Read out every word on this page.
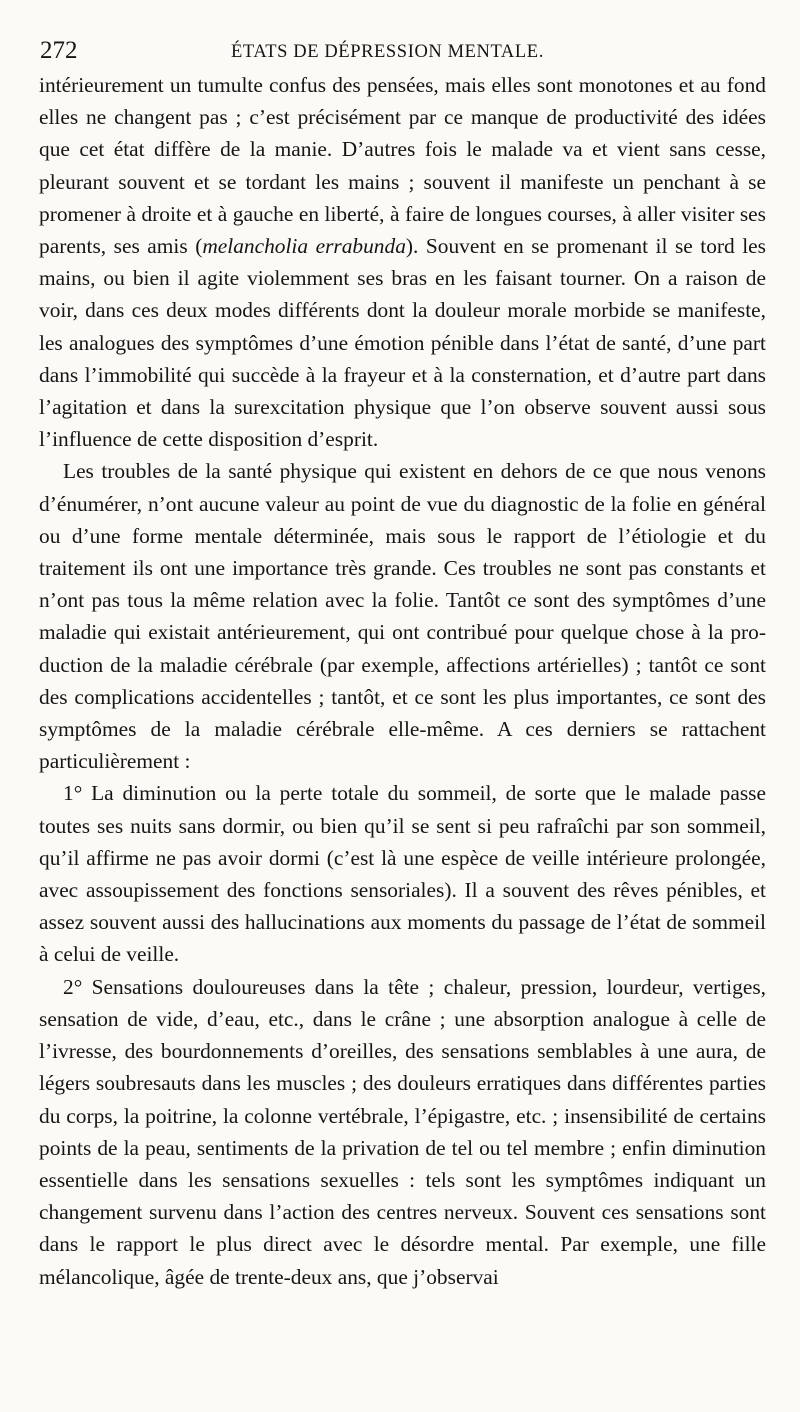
272	ÉTATS DE DÉPRESSION MENTALE.

intérieurement un tumulte confus des pensées, mais elles sont monotones et au fond elles ne changent pas ; c’est précisément par ce manque de productivité des idées que cet état diffère de la manie. D’autres fois le malade va et vient sans cesse, pleurant souvent et se tordant les mains ; souvent il manifeste un penchant à se promener à droite et à gauche en liberté, à faire de longues courses, à aller visiter ses parents, ses amis (melancholia errabunda). Souvent en se promenant il se tord les mains, ou bien il agite violemment ses bras en les faisant tourner. On a raison de voir, dans ces deux modes différents dont la douleur morale morbide se manifeste, les analogues des symptômes d’une émotion pénible dans l’état de santé, d’une part dans l’immobilité qui succède à la frayeur et à la consternation, et d’autre part dans l’agitation et dans la surexcitation physique que l’on observe souvent aussi sous l’influence de cette disposition d’esprit.

Les troubles de la santé physique qui existent en dehors de ce que nous venons d’énumérer, n’ont aucune valeur au point de vue du diagnostic de la folie en général ou d’une forme mentale déterminée, mais sous le rapport de l’étiologie et du traitement ils ont une importance très grande. Ces troubles ne sont pas constants et n’ont pas tous la même relation avec la folie. Tantôt ce sont des symptômes d’une maladie qui existait antérieurement, qui ont contribué pour quelque chose à la production de la maladie cérébrale (par exemple, affections artérielles) ; tantôt ce sont des complications accidentelles ; tantôt, et ce sont les plus importantes, ce sont des symptômes de la maladie cérébrale elle-même. A ces derniers se rattachent particulièrement :

1° La diminution ou la perte totale du sommeil, de sorte que le malade passe toutes ses nuits sans dormir, ou bien qu’il se sent si peu rafraîchi par son sommeil, qu’il affirme ne pas avoir dormi (c’est là une espèce de veille intérieure prolongée, avec assoupissement des fonctions sensoriales). Il a souvent des rêves pénibles, et assez souvent aussi des hallucinations aux moments du passage de l’état de sommeil à celui de veille.

2° Sensations douloureuses dans la tête ; chaleur, pression, lourdeur, vertiges, sensation de vide, d’eau, etc., dans le crâne ; une absorption analogue à celle de l’ivresse, des bourdonnements d’oreilles, des sensations semblables à une aura, de légers soubresauts dans les muscles ; des douleurs erratiques dans différentes parties du corps, la poitrine, la colonne vertébrale, l’épigastre, etc. ; insensibilité de certains points de la peau, sentiments de la privation de tel ou tel membre ; enfin diminution essentielle dans les sensations sexuelles : tels sont les symptômes indiquant un changement survenu dans l’action des centres nerveux. Souvent ces sensations sont dans le rapport le plus direct avec le désordre mental. Par exemple, une fille mélancolique, âgée de trente-deux ans, que j’observai
